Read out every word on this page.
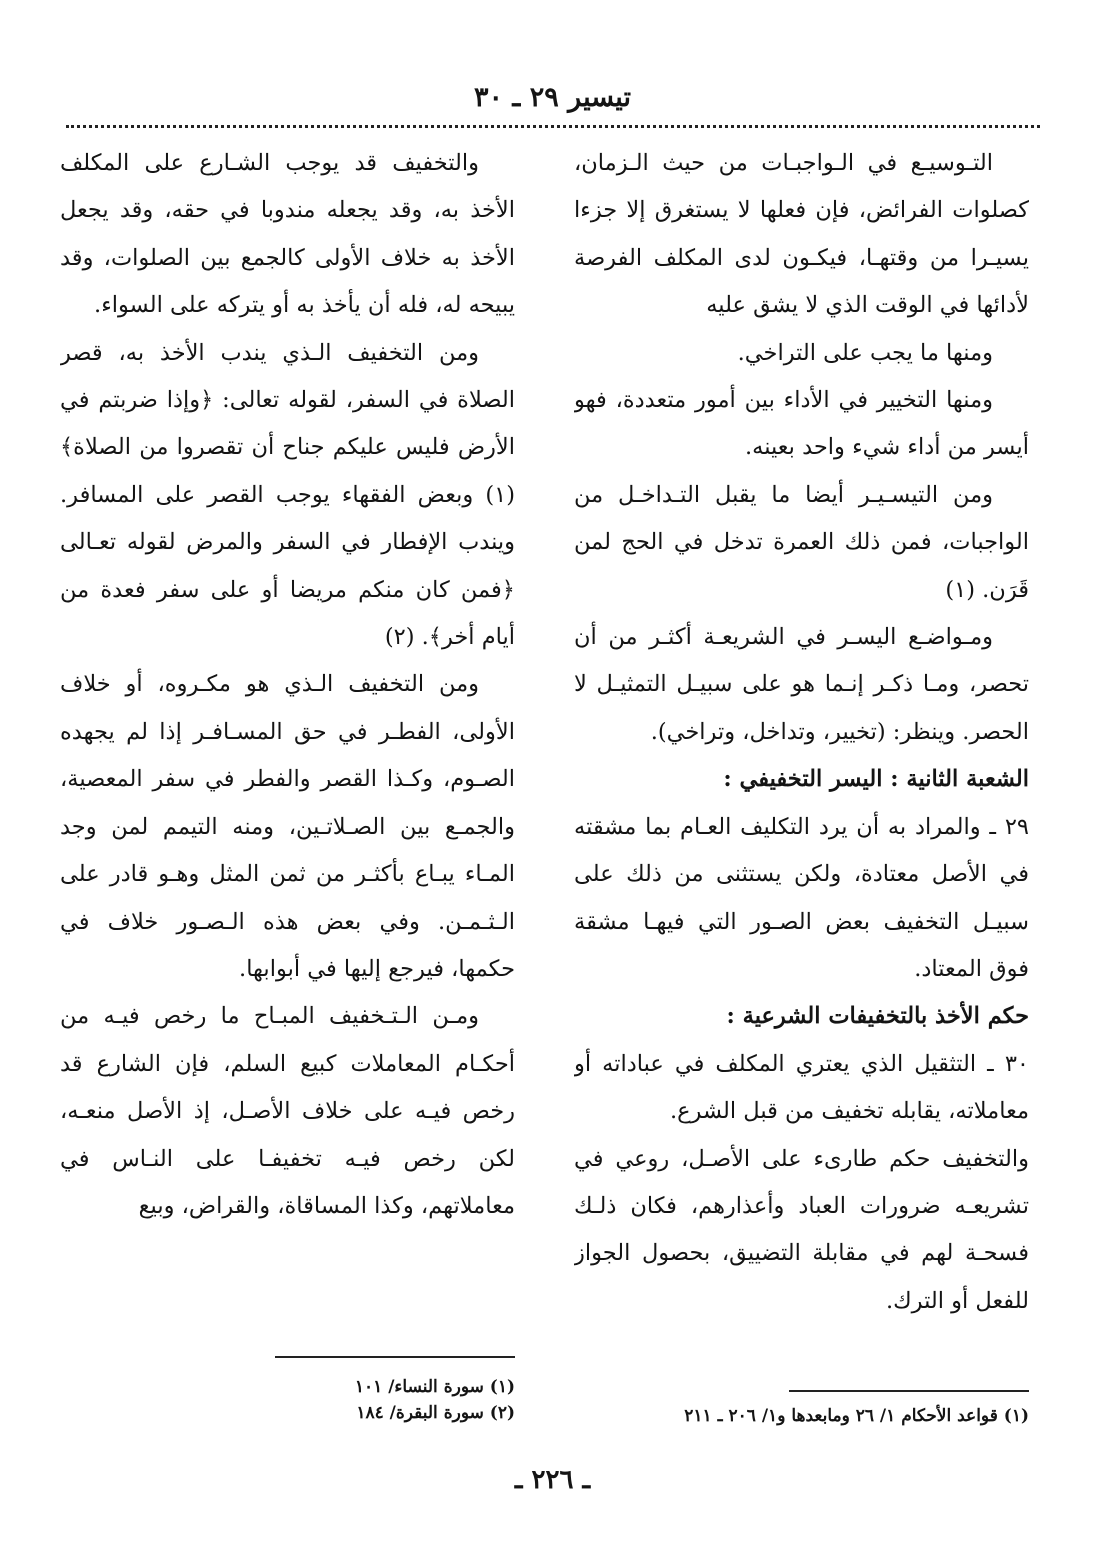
تيسير ٢٩ ـ ٣٠

التـوسيـع في الـواجبـات من حيث الـزمان، كصلوات الفرائض، فإن فعلها لا يستغرق إلا جزءا يسيـرا من وقتهـا، فيكـون لدى المكلف الفرصة لأدائها في الوقت الذي لا يشق عليه

ومنها ما يجب على التراخي.

ومنها التخيير في الأداء بين أمور متعددة، فهو أيسر من أداء شيء واحد بعينه.

ومن التيسـيـر أيضا ما يقبل التـداخـل من الواجبات، فمن ذلك العمرة تدخل في الحج لمن قَرَن. (١)

ومـواضـع اليسـر في الشريعـة أكثـر من أن تحصر، ومـا ذكـر إنـما هو على سبيـل التمثيـل لا الحصر. وينظر: (تخيير، وتداخل، وتراخي).

الشعبة الثانية : اليسر التخفيفي :

٢٩ ـ والمراد به أن يرد التكليف العـام بما مشقته في الأصل معتادة، ولكن يستثنى من ذلك على سبيـل التخفيف بعض الصـور التي فيهـا مشقة فوق المعتاد.

حكم الأخذ بالتخفيفات الشرعية :

٣٠ ـ التثقيل الذي يعتري المكلف في عباداته أو معاملاته، يقابله تخفيف من قبل الشرع.

والتخفيف حكم طارىء على الأصـل، روعي في تشريعـه ضرورات العباد وأعذارهم، فكان ذلـك فسحـة لهم في مقابلة التضييق، بحصول الجواز للفعل أو الترك.

والتخفيف قد يوجب الشـارع على المكلف الأخذ به، وقد يجعله مندوبا في حقه، وقد يجعل الأخذ به خلاف الأولى كالجمع بين الصلوات، وقد يبيحه له، فله أن يأخذ به أو يتركه على السواء.

ومن التخفيف الـذي يندب الأخذ به، قصر الصلاة في السفر، لقوله تعالى: ﴿وإذا ضربتم في الأرض فليس عليكم جناح أن تقصروا من الصلاة﴾ (١) وبعض الفقهاء يوجب القصر على المسافر. ويندب الإفطار في السفر والمرض لقوله تعـالى ﴿فمن كان منكم مريضا أو على سفر فعدة من أيام أخر﴾. (٢)

ومن التخفيف الـذي هو مكـروه، أو خلاف الأولى، الفطـر في حق المسـافـر إذا لم يجهده الصـوم، وكـذا القصر والفطر في سفر المعصية، والجمـع بين الصـلاتـين، ومنه التيمم لمن وجد المـاء يبـاع بأكثـر من ثمن المثل وهـو قادر على الـثـمـن. وفي بعض هذه الـصـور خلاف في حكمها، فيرجع إليها في أبوابها.

ومـن الـتـخفيف المبـاح ما رخص فيـه من أحكـام المعاملات كبيع السلم، فإن الشارع قد رخص فيـه على خلاف الأصـل، إذ الأصل منعـه، لكن رخص فيـه تخفيفـا على النـاس في معاملاتهم، وكذا المساقاة، والقراض، وبيع

(١) قواعد الأحكام ١/ ٢٦ ومابعدها و١/ ٢٠٦ ـ ٢١١

(١) سورة النساء/ ١٠١

(٢) سورة البقرة/ ١٨٤

ـ ٢٢٦ ـ
